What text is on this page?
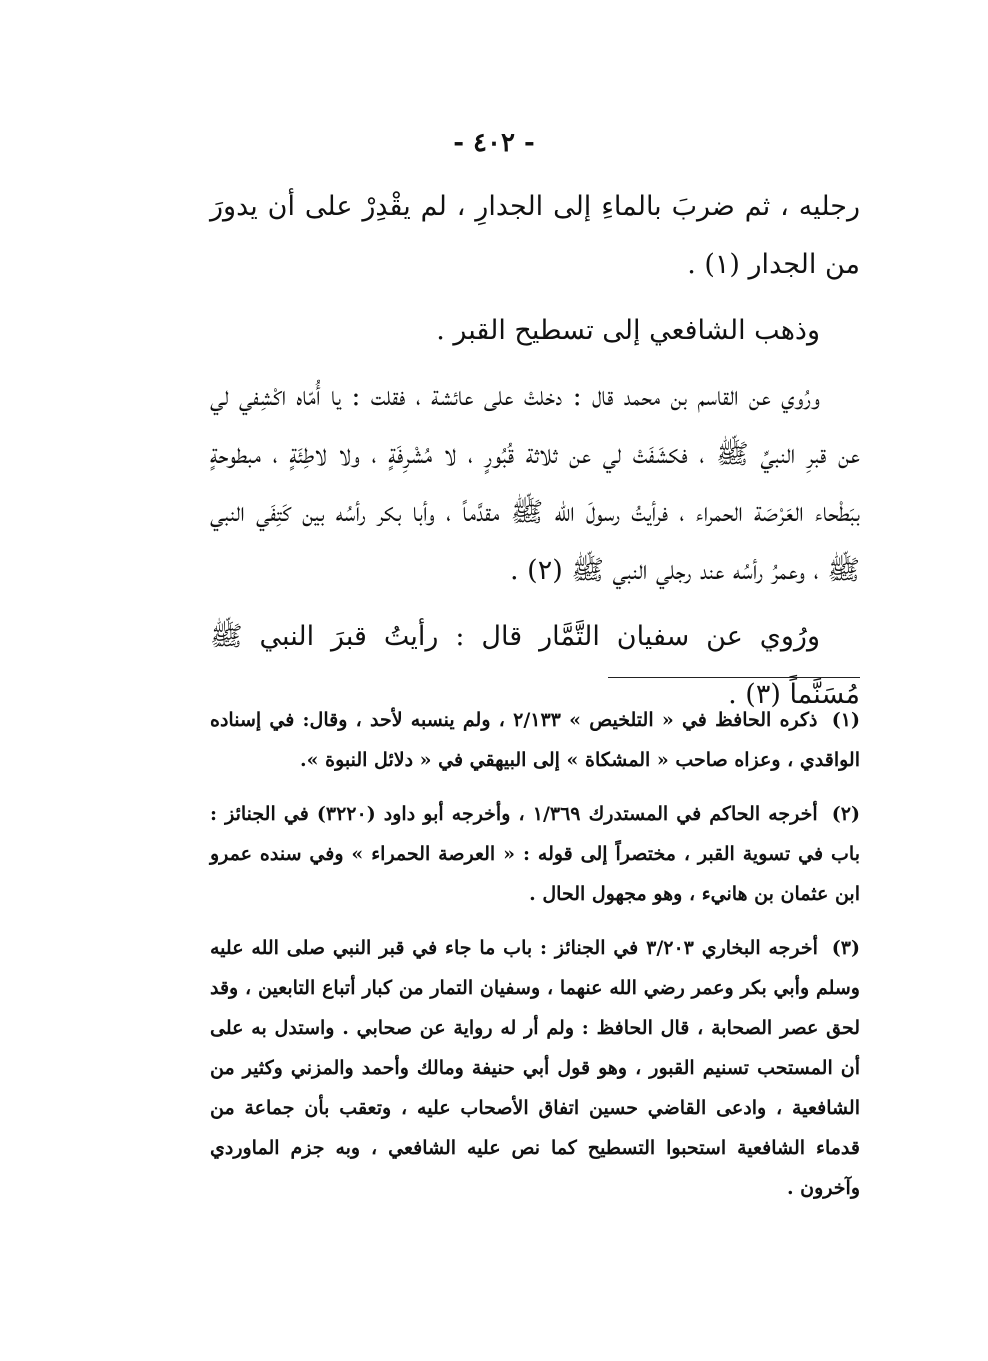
- ٤٠٢ -

رجليه ، ثم ضربَ بالماءِ إلى الجدارِ ، لم يقْدِرْ على أن يدورَ من الجدار (١) .

وذهب الشافعي إلى تسطيح القبر .

ورُوي عن القاسم بن محمد قال : دخلتْ على عائشة ، فقلت : يا أُمّاه اكْشِفي لي عن قبرِ النبيِّ ﷺ ، فكشَفَتْ لي عن ثلاثة قُبُورٍ ، لا مُشْرِفَةٍ ، ولا لاطِئَةٍ ، مبطوحةٍ ببَطْحاء العَرْصَة الحمراء ، فرأيتُ رسولَ الله ﷺ مقدَّماً ، وأبا بكر رأسُه بين كَتِفَي النبي ﷺ ، وعمرُ رأسُه عند رجلي النبي ﷺ (٢) .

ورُوي عن سفيان التَّمَّار قال : رأيتُ قبرَ النبي ﷺ مُسَنَّماً (٣) .

(١) ذكره الحافظ في « التلخيص » ٢/١٣٣ ، ولم ينسبه لأحد ، وقال: في إسناده الواقدي ، وعزاه صاحب « المشكاة » إلى البيهقي في « دلائل النبوة ».

(٢) أخرجه الحاكم في المستدرك ١/٣٦٩ ، وأخرجه أبو داود (٣٢٢٠) في الجنائز : باب في تسوية القبر ، مختصراً إلى قوله : « العرصة الحمراء » وفي سنده عمرو ابن عثمان بن هانيء ، وهو مجهول الحال .

(٣) أخرجه البخاري ٣/٢٠٣ في الجنائز : باب ما جاء في قبر النبي صلى الله عليه وسلم وأبي بكر وعمر رضي الله عنهما ، وسفيان التمار من كبار أتباع التابعين ، وقد لحق عصر الصحابة ، قال الحافظ : ولم أر له رواية عن صحابي . واستدل به على أن المستحب تسنيم القبور ، وهو قول أبي حنيفة ومالك وأحمد والمزني وكثير من الشافعية ، وادعى القاضي حسين اتفاق الأصحاب عليه ، وتعقب بأن جماعة من قدماء الشافعية استحبوا التسطيح كما نص عليه الشافعي ، وبه جزم الماوردي وآخرون .
